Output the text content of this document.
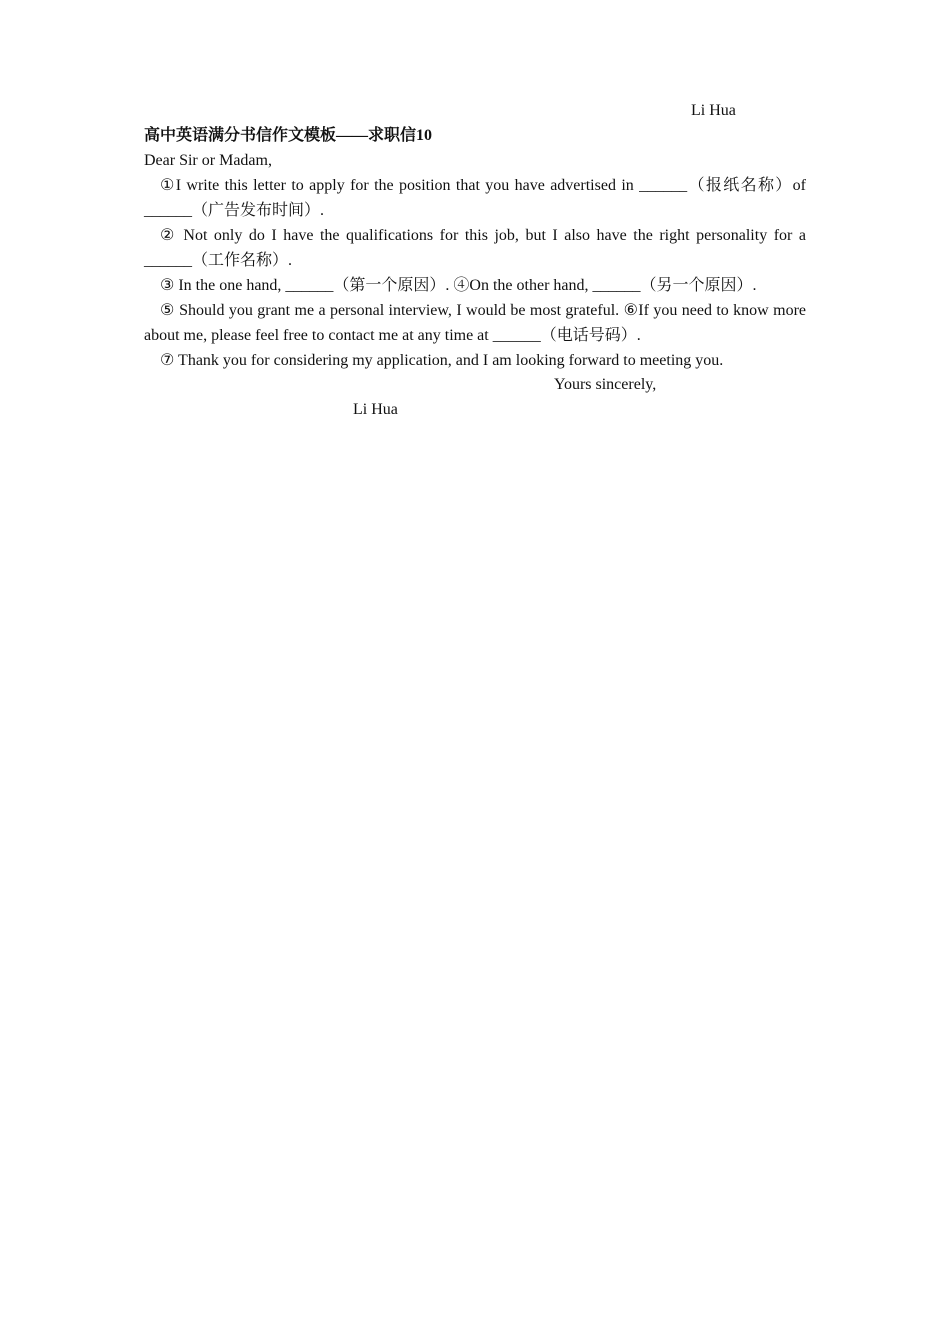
Li Hua
高中英语满分书信作文模板——求职信10
Dear Sir or Madam,
①I write this letter to apply for the position that you have advertised in ______（报纸名称）of ______（广告发布时间）.
② Not only do I have the qualifications for this job, but I also have the right personality for a ______（工作名称）.
③ In the one hand, ______（第一个原因）. ④On the other hand, ______（另一个原因）.
⑤ Should you grant me a personal interview, I would be most grateful. ⑥If you need to know more about me, please feel free to contact me at any time at ______（电话号码）.
⑦ Thank you for considering my application, and I am looking forward to meeting you.
Yours sincerely,
Li Hua
